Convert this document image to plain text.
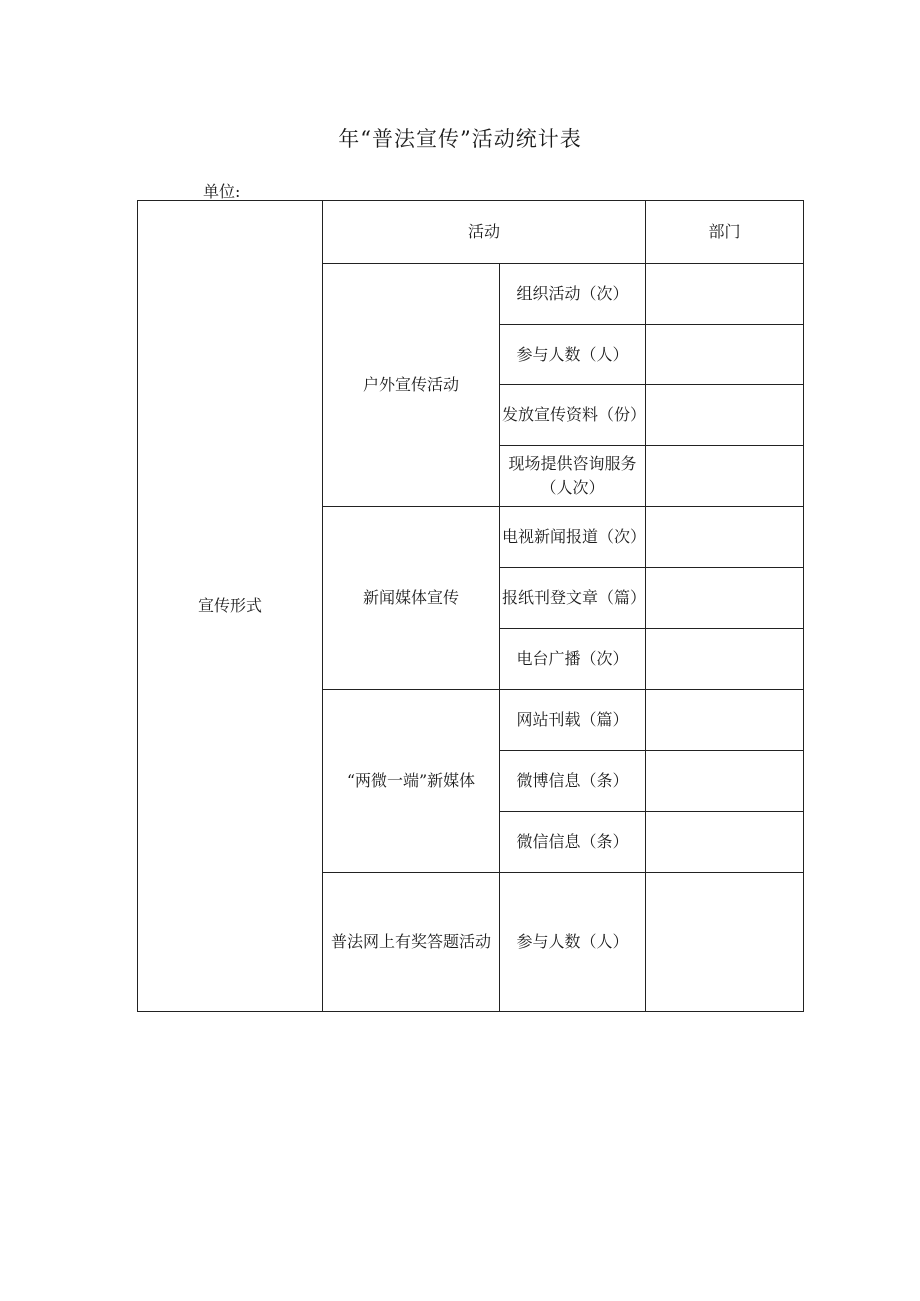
年“普法宣传”活动统计表
单位:
宣传形式	活动		部门
	户外宣传活动	组织活动（次）	
		参与人数（人）	
		发放宣传资料（份）	
		现场提供咨询服务（人次）	
	新闻媒体宣传	电视新闻报道（次）	
		报纸刊登文章（篇）	
		电台广播（次）	
	“两微一端”新媒体	网站刊载（篇）	
		微博信息（条）	
		微信信息（条）	
	普法网上有奖答题活动	参与人数（人）	
